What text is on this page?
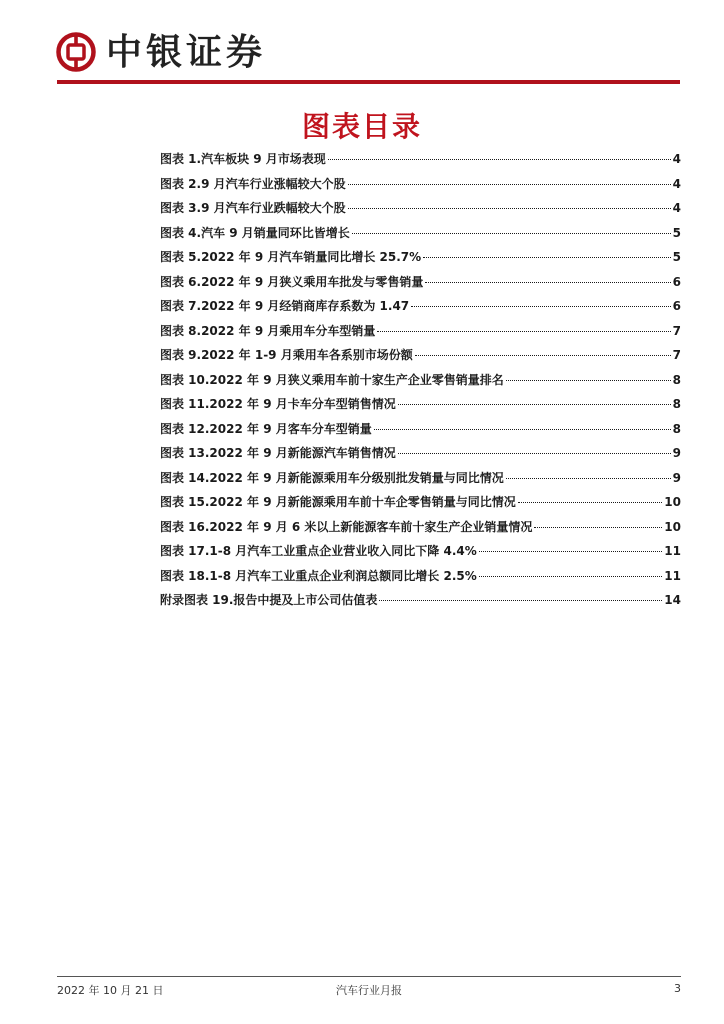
中银证券
图表目录
图表 1.汽车板块 9 月市场表现	4
图表 2.9 月汽车行业涨幅较大个股	4
图表 3.9 月汽车行业跌幅较大个股	4
图表 4.汽车 9 月销量同环比皆增长	5
图表 5.2022 年 9 月汽车销量同比增长 25.7%	5
图表 6.2022 年 9 月狭义乘用车批发与零售销量	6
图表 7.2022 年 9 月经销商库存系数为 1.47	6
图表 8.2022 年 9 月乘用车分车型销量	7
图表 9.2022 年 1-9 月乘用车各系别市场份额	7
图表 10.2022 年 9 月狭义乘用车前十家生产企业零售销量排名	8
图表 11.2022 年 9 月卡车分车型销售情况	8
图表 12.2022 年 9 月客车分车型销量	8
图表 13.2022 年 9 月新能源汽车销售情况	9
图表 14.2022 年 9 月新能源乘用车分级别批发销量与同比情况	9
图表 15.2022 年 9 月新能源乘用车前十车企零售销量与同比情况	10
图表 16.2022 年 9 月 6 米以上新能源客车前十家生产企业销量情况	10
图表 17.1-8 月汽车工业重点企业营业收入同比下降 4.4%	11
图表 18.1-8 月汽车工业重点企业利润总额同比增长 2.5%	11
附录图表 19.报告中提及上市公司估值表	14
2022 年 10 月 21 日	汽车行业月报	3
